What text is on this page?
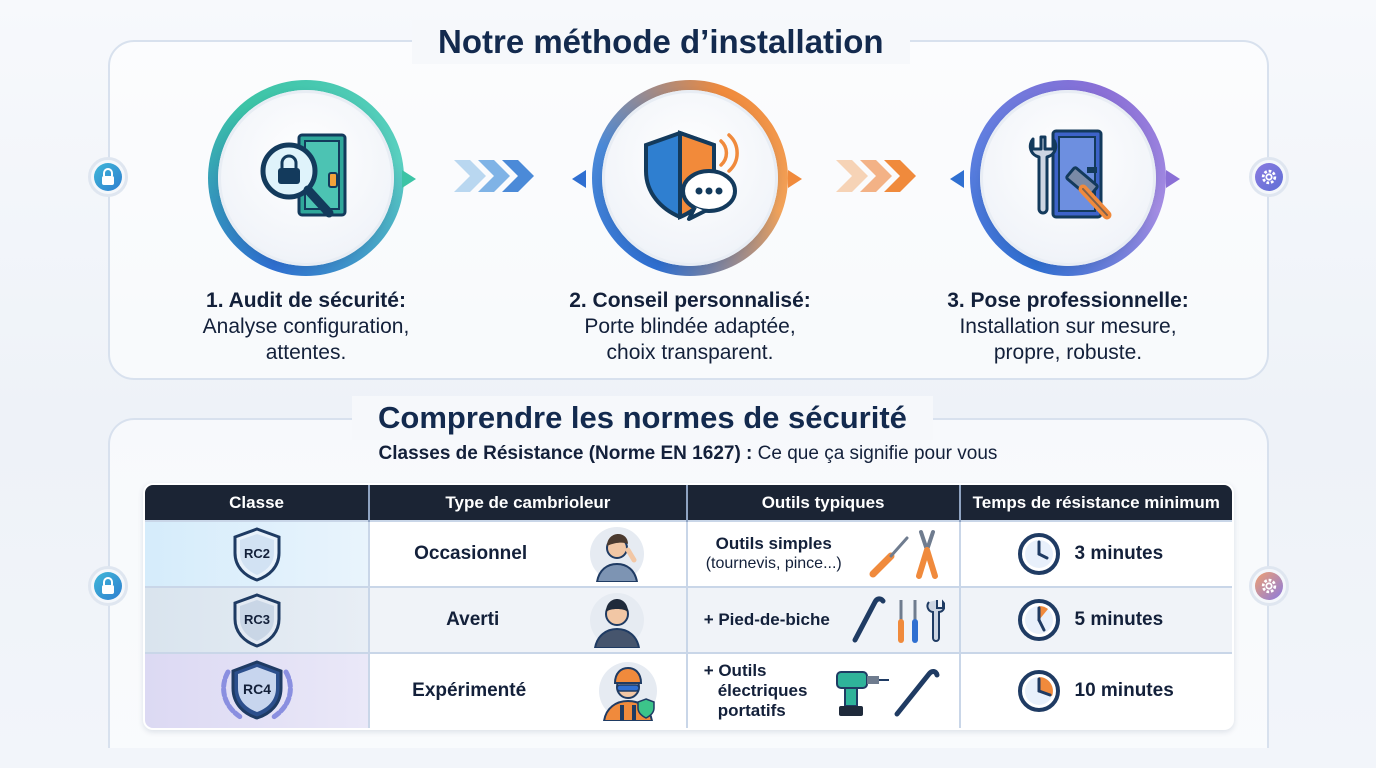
Notre méthode d’installation
1. Audit de sécurité:
Analyse configuration,
attentes.
2. Conseil personnalisé:
Porte blindée adaptée,
choix transparent.
3. Pose professionnelle:
Installation sur mesure,
propre, robuste.
Comprendre les normes de sécurité
Classes de Résistance (Norme EN 1627) : Ce que ça signifie pour vous
Classe	Type de cambrioleur	Outils typiques	Temps de résistance minimum

RC2	Occasionnel	Outils simples
(tournevis, pince...)	3 minutes

RC3	Averti	+ Pied-de-biche	5 minutes

RC4	Expérimenté	+ Outils
électriques
portatifs	10 minutes
